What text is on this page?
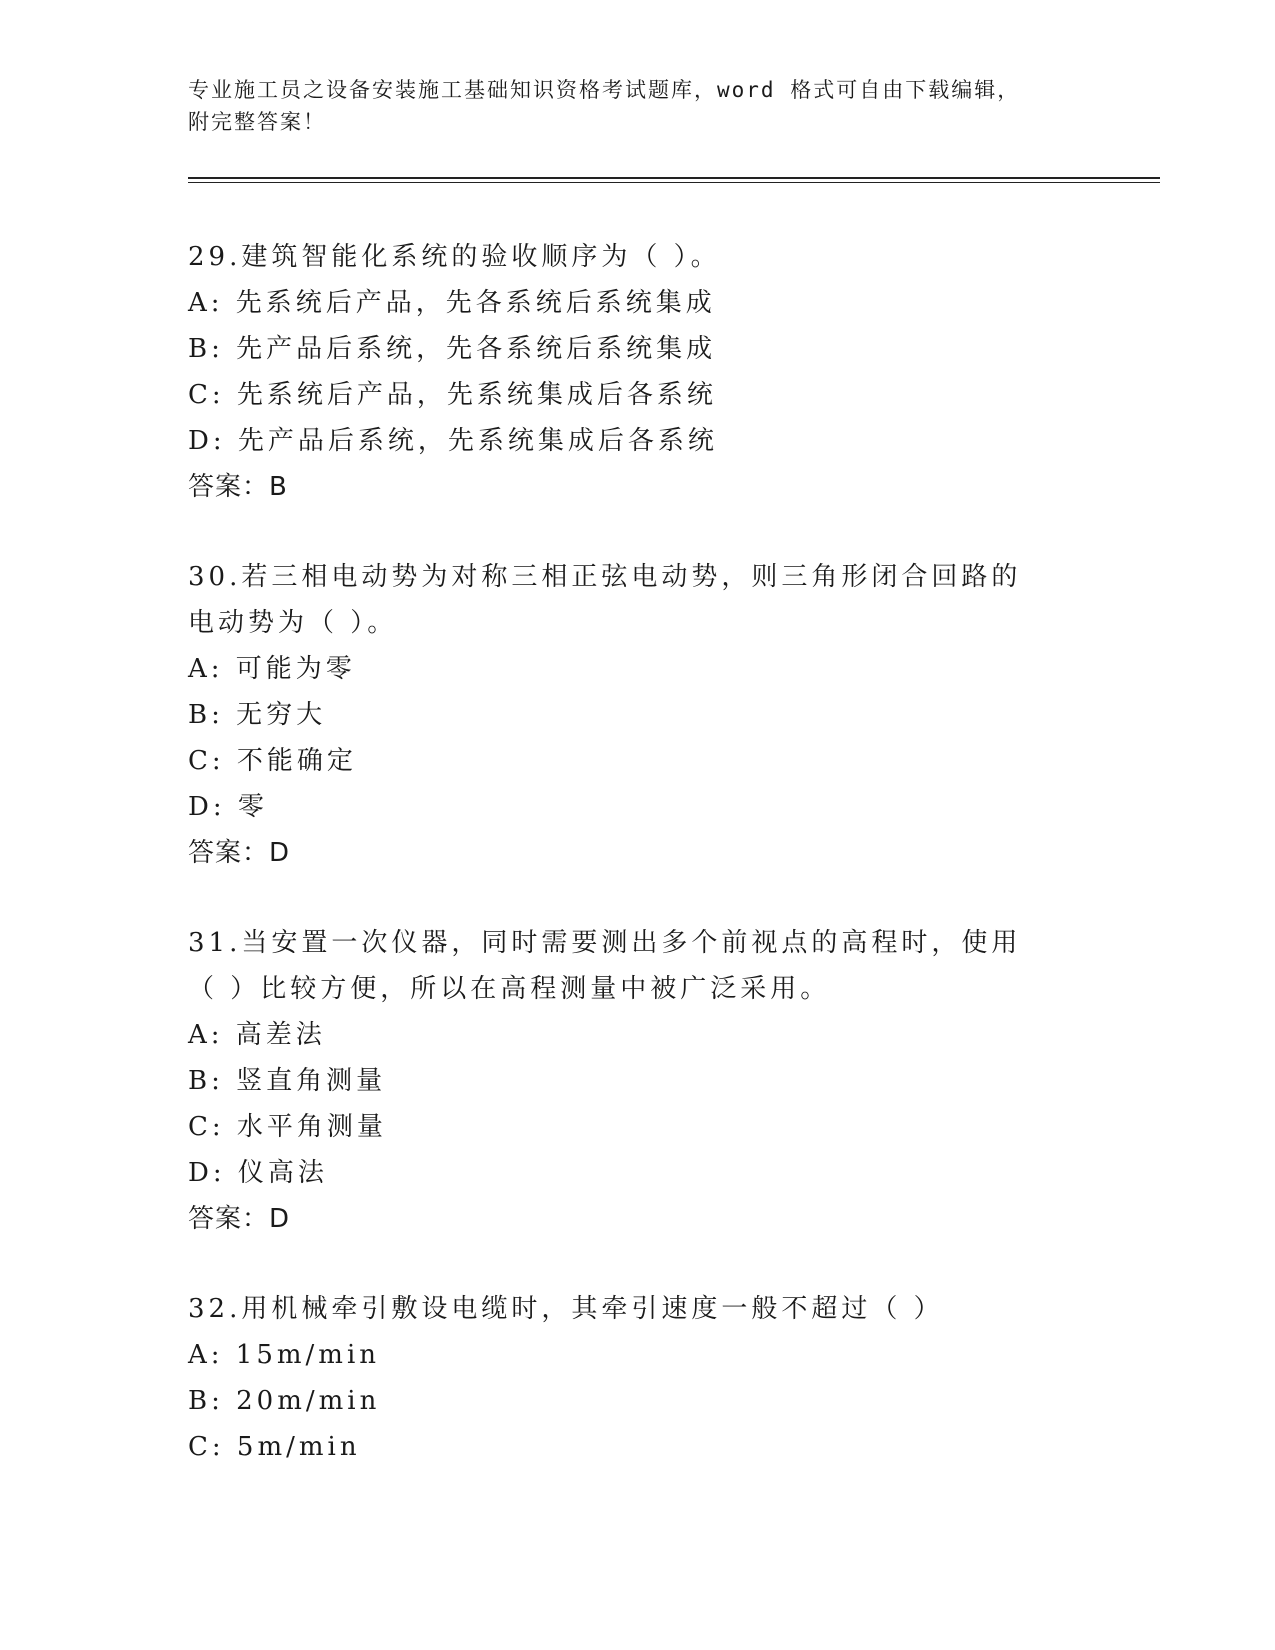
专业施工员之设备安装施工基础知识资格考试题库，word 格式可自由下载编辑，
附完整答案！
29.建筑智能化系统的验收顺序为（ ）。
A: 先系统后产品，先各系统后系统集成
B: 先产品后系统，先各系统后系统集成
C: 先系统后产品，先系统集成后各系统
D: 先产品后系统，先系统集成后各系统
答案：B
30.若三相电动势为对称三相正弦电动势，则三角形闭合回路的电动势为（ ）。
A: 可能为零
B: 无穷大
C: 不能确定
D: 零
答案：D
31.当安置一次仪器，同时需要测出多个前视点的高程时，使用（ ）比较方便，所以在高程测量中被广泛采用。
A: 高差法
B: 竖直角测量
C: 水平角测量
D: 仪高法
答案：D
32.用机械牵引敷设电缆时，其牵引速度一般不超过（ ）
A: 15m/min
B: 20m/min
C: 5m/min
